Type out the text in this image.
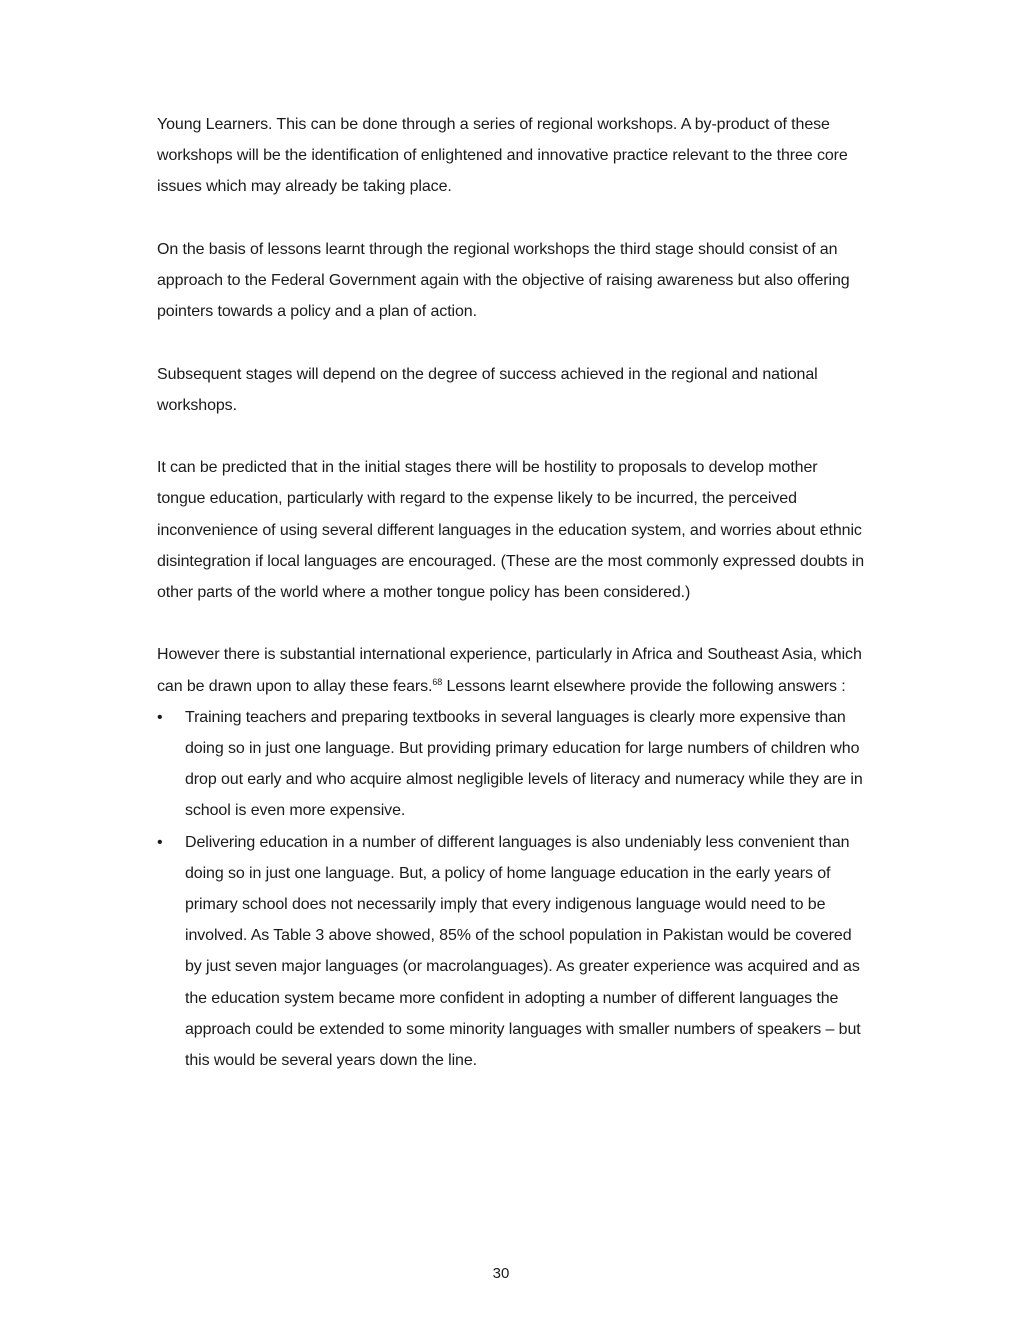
Young Learners. This can be done through a series of regional workshops. A by-product of these workshops will be the identification of enlightened and innovative practice relevant to the three core issues which may already be taking place.

On the basis of lessons learnt through the regional workshops the third stage should consist of an approach to the Federal Government again with the objective of raising awareness but also offering pointers towards a policy and a plan of action.

Subsequent stages will depend on the degree of success achieved in the regional and national workshops.

It can be predicted that in the initial stages there will be hostility to proposals to develop mother tongue education, particularly with regard to the expense likely to be incurred, the perceived inconvenience of using several different languages in the education system, and worries about ethnic disintegration if local languages are encouraged. (These are the most commonly expressed doubts in other parts of the world where a mother tongue policy has been considered.)

However there is substantial international experience, particularly in Africa and Southeast Asia, which can be drawn upon to allay these fears.$^{68}$ Lessons learnt elsewhere provide the following answers :

• Training teachers and preparing textbooks in several languages is clearly more expensive than doing so in just one language. But providing primary education for large numbers of children who drop out early and who acquire almost negligible levels of literacy and numeracy while they are in school is even more expensive.
• Delivering education in a number of different languages is also undeniably less convenient than doing so in just one language. But, a policy of home language education in the early years of primary school does not necessarily imply that every indigenous language would need to be involved. As Table 3 above showed, 85% of the school population in Pakistan would be covered by just seven major languages (or macrolanguages). As greater experience was acquired and as the education system became more confident in adopting a number of different languages the approach could be extended to some minority languages with smaller numbers of speakers – but this would be several years down the line.
30
